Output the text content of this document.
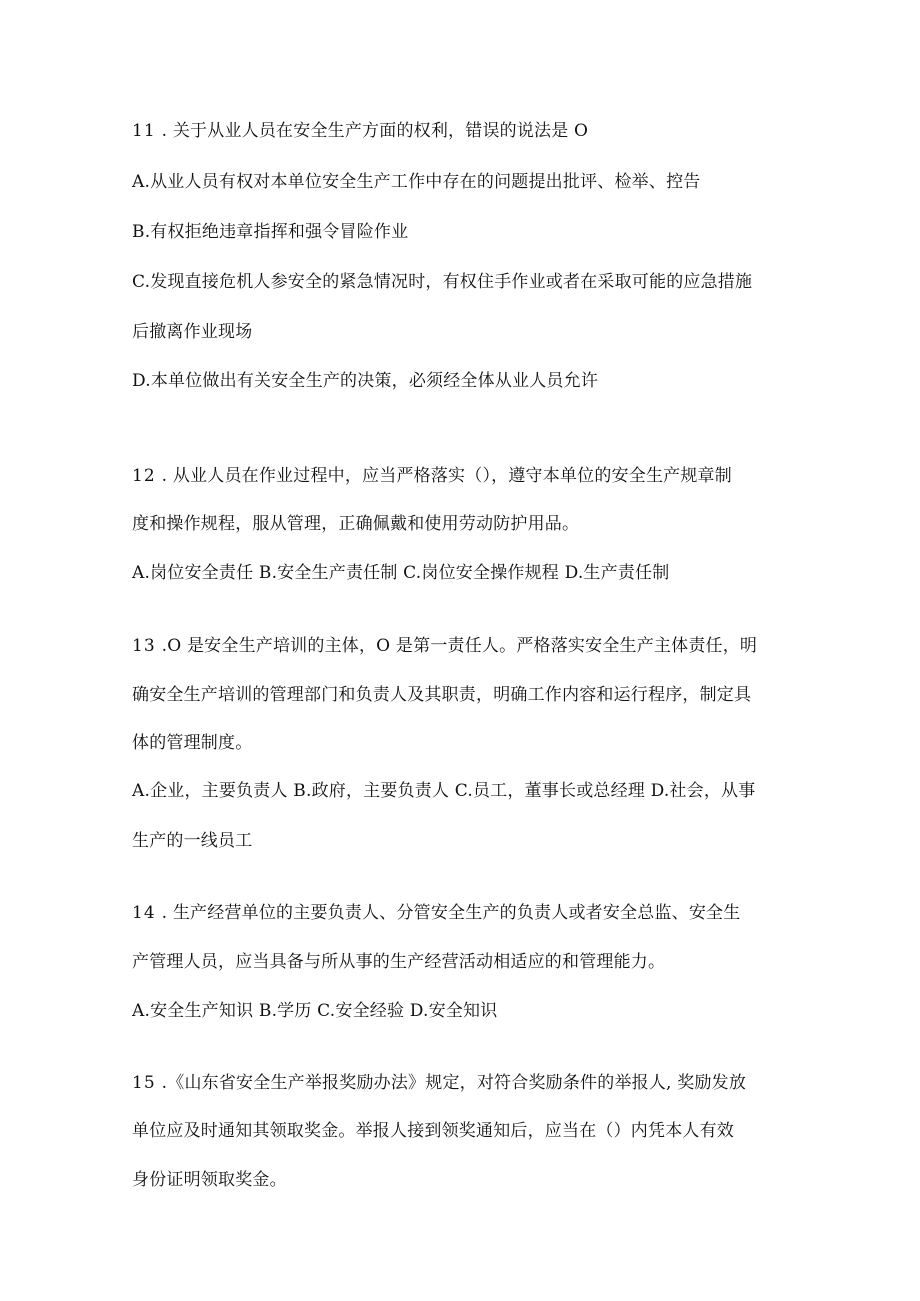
11 . 关于从业人员在安全生产方面的权利，错误的说法是 O
A.从业人员有权对本单位安全生产工作中存在的问题提出批评、检举、控告
B.有权拒绝违章指挥和强令冒险作业
C.发现直接危机人参安全的紧急情况时，有权住手作业或者在采取可能的应急措施
后撤离作业现场
D.本单位做出有关安全生产的决策，必须经全体从业人员允许
12 . 从业人员在作业过程中，应当严格落实（），遵守本单位的安全生产规章制
度和操作规程，服从管理，正确佩戴和使用劳动防护用品。
A.岗位安全责任 B.安全生产责任制 C.岗位安全操作规程 D.生产责任制
13 .O 是安全生产培训的主体，O 是第一责任人。严格落实安全生产主体责任，明
确安全生产培训的管理部门和负责人及其职责，明确工作内容和运行程序，制定具
体的管理制度。
A.企业，主要负责人 B.政府，主要负责人 C.员工，董事长或总经理 D.社会，从事
生产的一线员工
14 . 生产经营单位的主要负责人、分管安全生产的负责人或者安全总监、安全生
产管理人员，应当具备与所从事的生产经营活动相适应的和管理能力。
A.安全生产知识 B.学历 C.安全经验 D.安全知识
15 .《山东省安全生产举报奖励办法》规定，对符合奖励条件的举报人, 奖励发放
单位应及时通知其领取奖金。举报人接到领奖通知后，应当在（）内凭本人有效
身份证明领取奖金。
